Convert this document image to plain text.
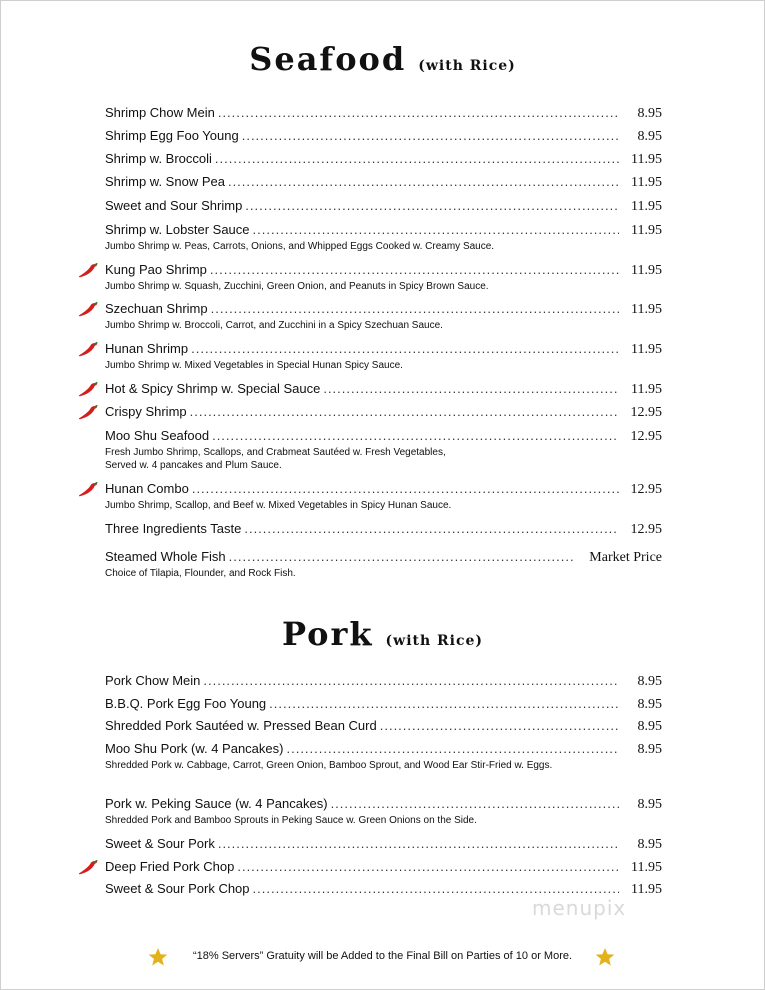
Seafood (with Rice)
Shrimp Chow Mein .....	8.95
Shrimp Egg Foo Young .....	8.95
Shrimp w. Broccoli .....	11.95
Shrimp w. Snow Pea .....	11.95
Sweet and Sour Shrimp .....	11.95
Shrimp w. Lobster Sauce .....	11.95
Jumbo Shrimp w. Peas, Carrots, Onions, and Whipped Eggs Cooked w. Creamy Sauce.
Kung Pao Shrimp .....	11.95
Jumbo Shrimp w. Squash, Zucchini, Green Onion, and Peanuts in Spicy Brown Sauce.
Szechuan Shrimp .....	11.95
Jumbo Shrimp w. Broccoli, Carrot, and Zucchini in a Spicy Szechuan Sauce.
Hunan Shrimp .....	11.95
Jumbo Shrimp w. Mixed Vegetables in Special Hunan Spicy Sauce.
Hot & Spicy Shrimp w. Special Sauce .....	11.95
Crispy Shrimp .....	12.95
Moo Shu Seafood .....	12.95
Fresh Jumbo Shrimp, Scallops, and Crabmeat Sautéed w. Fresh Vegetables,
Served w. 4 pancakes and Plum Sauce.
Hunan Combo .....	12.95
Jumbo Shrimp, Scallop, and Beef w. Mixed Vegetables in Spicy Hunan Sauce.
Three Ingredients Taste .....	12.95
Steamed Whole Fish .....	Market Price
Choice of Tilapia, Flounder, and Rock Fish.
Pork (with Rice)
Pork Chow Mein .....	8.95
B.B.Q. Pork Egg Foo Young .....	8.95
Shredded Pork Sautéed w. Pressed Bean Curd .....	8.95
Moo Shu Pork (w. 4 Pancakes) .....	8.95
Shredded Pork w. Cabbage, Carrot, Green Onion, Bamboo Sprout, and Wood Ear Stir-Fried w. Eggs.
Pork w. Peking Sauce (w. 4 Pancakes) .....	8.95
Shredded Pork and Bamboo Sprouts in Peking Sauce w. Green Onions on the Side.
Sweet & Sour Pork .....	8.95
Deep Fried Pork Chop .....	11.95
Sweet & Sour Pork Chop .....	11.95
menupix
“18% Servers” Gratuity will be Added to the Final Bill on Parties of 10 or More.
